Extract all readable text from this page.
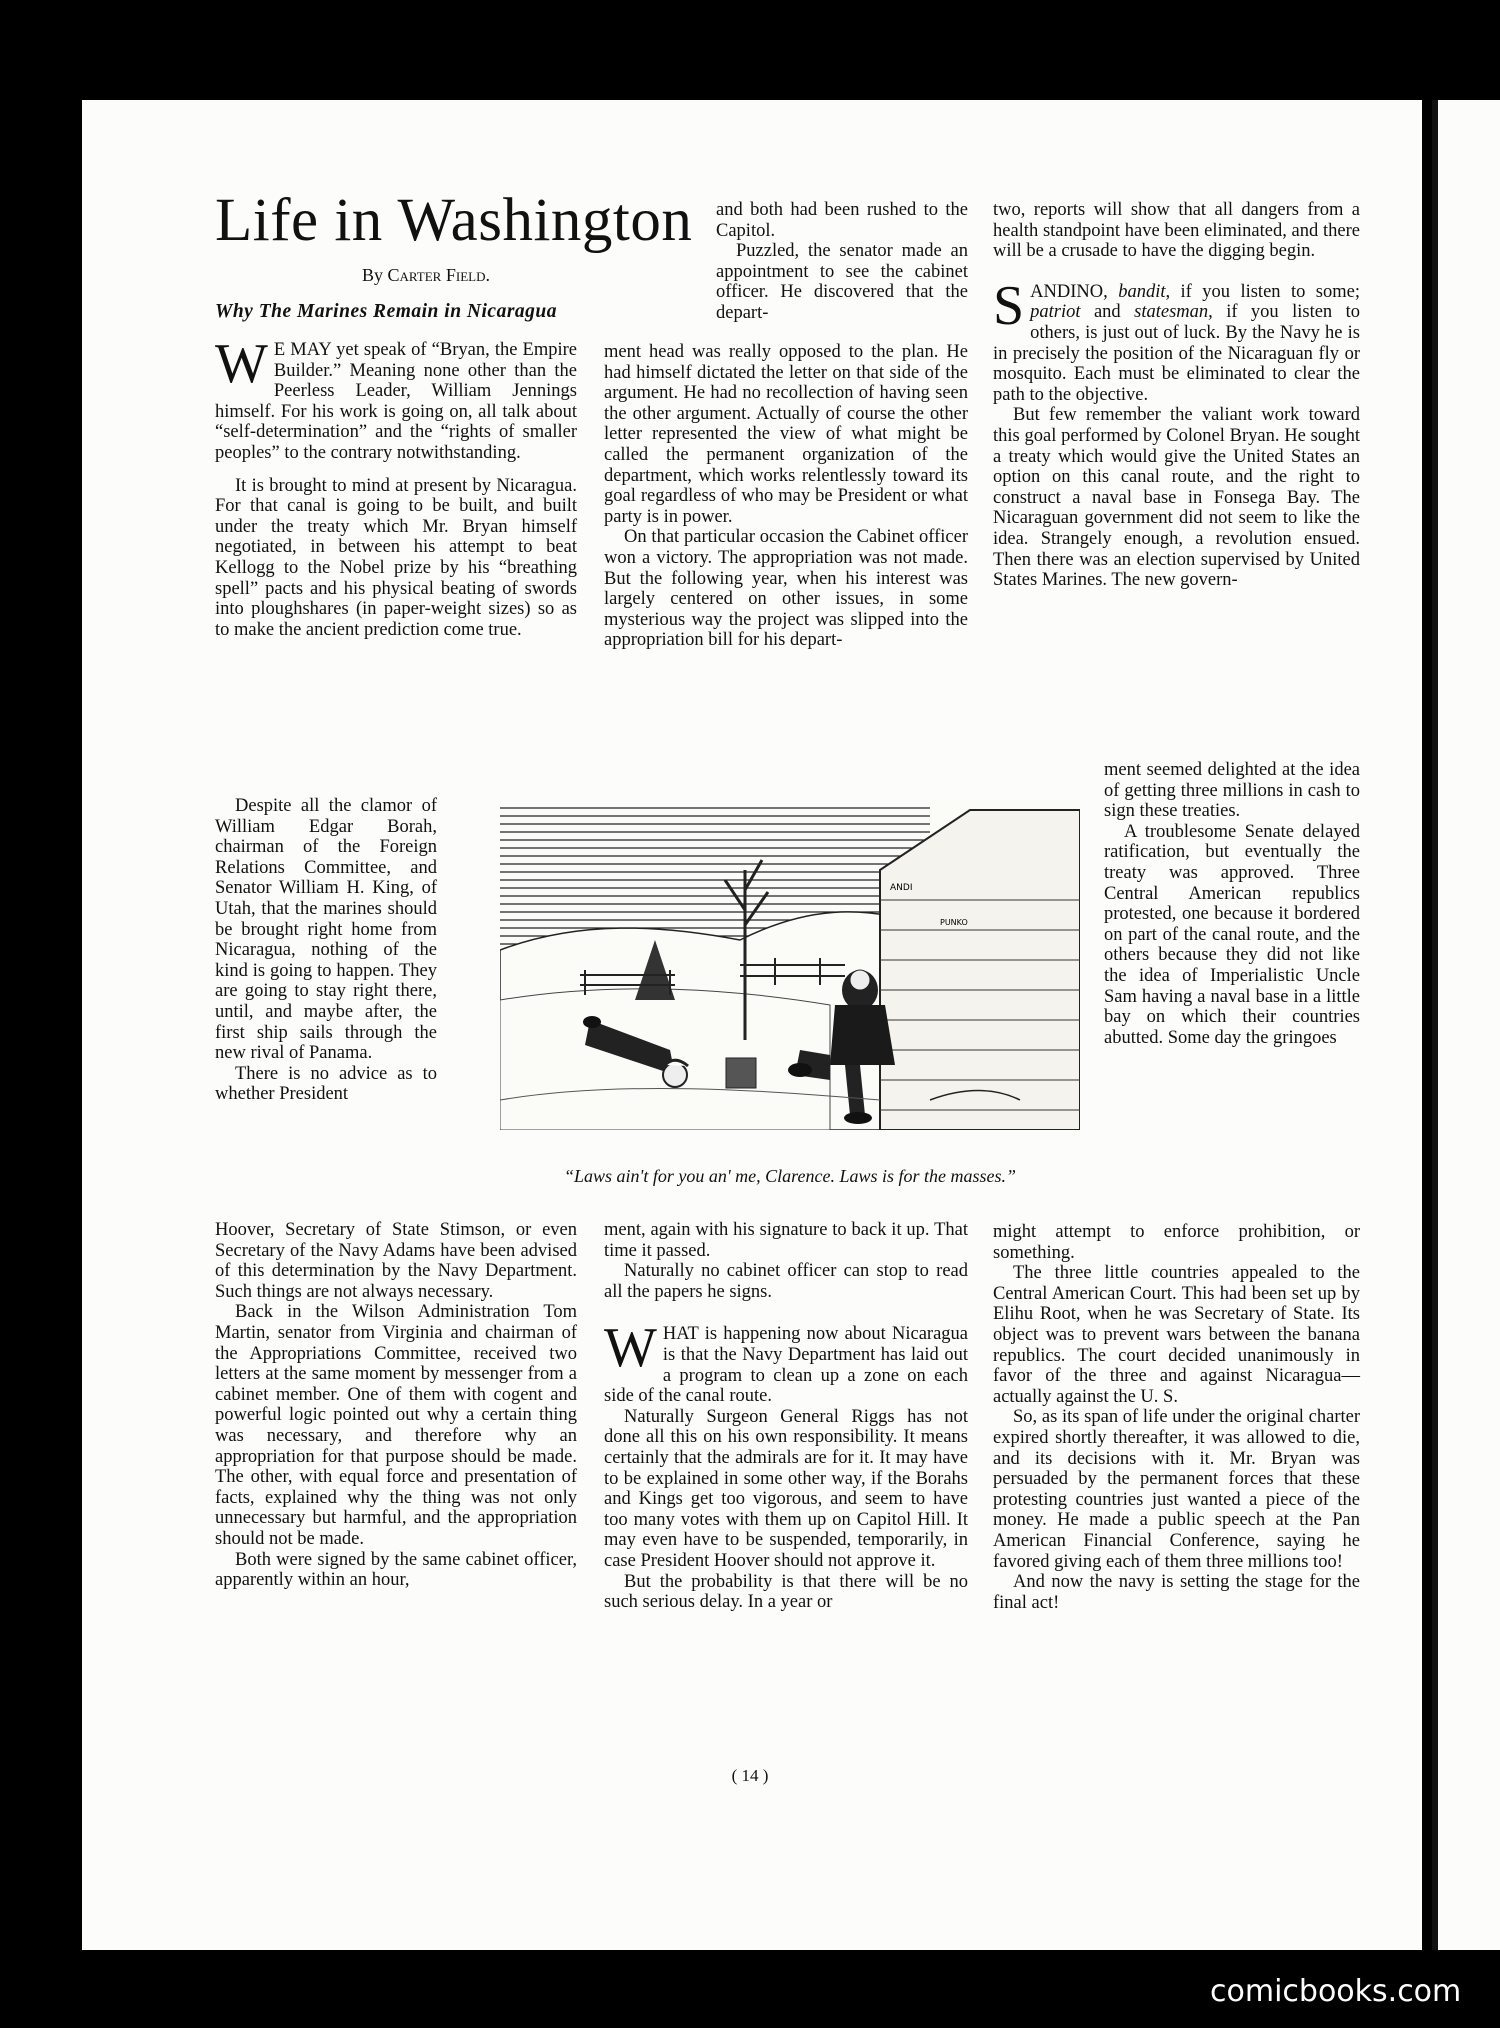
Life in Washington
By Carter Field.
Why The Marines Remain in Nicaragua

W E MAY yet speak of “Bryan, the Empire Builder.” Meaning none other than the Peerless Leader, William Jennings himself. For his work is going on, all talk about “self-determination” and the “rights of smaller peoples” to the contrary notwithstanding.

It is brought to mind at present by Nicaragua. For that canal is going to be built, and built under the treaty which Mr. Bryan himself negotiated, in between his attempt to beat Kellogg to the Nobel prize by his “breathing spell” pacts and his physical beating of swords into ploughshares (in paper-weight sizes) so as to make the ancient prediction come true.

Despite all the clamor of William Edgar Borah, chairman of the Foreign Relations Committee, and Senator William H. King, of Utah, that the marines should be brought right home from Nicaragua, nothing of the kind is going to happen. They are going to stay right there, until, and maybe after, the first ship sails through the new rival of Panama.

There is no advice as to whether President

Hoover, Secretary of State Stimson, or even Secretary of the Navy Adams have been advised of this determination by the Navy Department. Such things are not always necessary.

Back in the Wilson Administration Tom Martin, senator from Virginia and chairman of the Appropriations Committee, received two letters at the same moment by messenger from a cabinet member. One of them with cogent and powerful logic pointed out why a certain thing was necessary, and therefore why an appropriation for that purpose should be made. The other, with equal force and presentation of facts, explained why the thing was not only unnecessary but harmful, and the appropriation should not be made.

Both were signed by the same cabinet officer, apparently within an hour,

and both had been rushed to the Capitol.

Puzzled, the senator made an appointment to see the cabinet officer. He discovered that the depart-

ment head was really opposed to the plan. He had himself dictated the letter on that side of the argument. He had no recollection of having seen the other argument. Actually of course the other letter represented the view of what might be called the permanent organization of the department, which works relentlessly toward its goal regardless of who may be President or what party is in power.

On that particular occasion the Cabinet officer won a victory. The appropriation was not made. But the following year, when his interest was largely centered on other issues, in some mysterious way the project was slipped into the appropriation bill for his depart-

ment, again with his signature to back it up. That time it passed.

Naturally no cabinet officer can stop to read all the papers he signs.

WHAT is happening now about Nicaragua is that the Navy Department has laid out a program to clean up a zone on each side of the canal route.

Naturally Surgeon General Riggs has not done all this on his own responsibility. It means certainly that the admirals are for it. It may have to be explained in some other way, if the Borahs and Kings get too vigorous, and seem to have too many votes with them up on Capitol Hill. It may even have to be suspended, temporarily, in case President Hoover should not approve it.

But the probability is that there will be no such serious delay. In a year or

two, reports will show that all dangers from a health standpoint have been eliminated, and there will be a crusade to have the digging begin.

SANDINO, bandit, if you listen to some; patriot and statesman, if you listen to others, is just out of luck. By the Navy he is in precisely the position of the Nicaraguan fly or mosquito. Each must be eliminated to clear the path to the objective.

But few remember the valiant work toward this goal performed by Colonel Bryan. He sought a treaty which would give the United States an option on this canal route, and the right to construct a naval base in Fonsega Bay. The Nicaraguan government did not seem to like the idea. Strangely enough, a revolution ensued. Then there was an election supervised by United States Marines. The new govern-

ment seemed delighted at the idea of getting three millions in cash to sign these treaties.

A troublesome Senate delayed ratification, but eventually the treaty was approved. Three Central American republics protested, one because it bordered on part of the canal route, and the others because they did not like the idea of Imperialistic Uncle Sam having a naval base in a little bay on which their countries abutted. Some day the gringoes

might attempt to enforce prohibition, or something.

The three little countries appealed to the Central American Court. This had been set up by Elihu Root, when he was Secretary of State. Its object was to prevent wars between the banana republics. The court decided unanimously in favor of the three and against Nicaragua—actually against the U. S.

So, as its span of life under the original charter expired shortly thereafter, it was allowed to die, and its decisions with it. Mr. Bryan was persuaded by the permanent forces that these protesting countries just wanted a piece of the money. He made a public speech at the Pan American Financial Conference, saying he favored giving each of them three millions too!

And now the navy is setting the stage for the final act!

ANDI
PUNKO
“Laws ain't for you an' me, Clarence. Laws is for the masses.”
( 14 )
comicbooks.com
